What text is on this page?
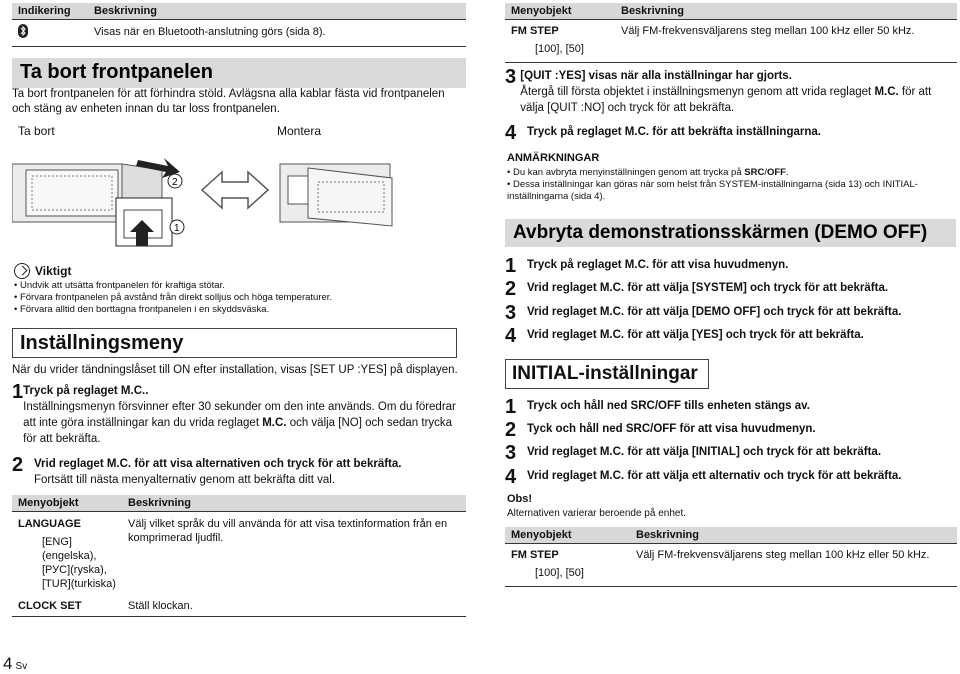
Indikering	Beskrivning
	Visas när en Bluetooth-anslutning görs (sida 8).
Ta bort frontpanelen
Ta bort frontpanelen för att förhindra stöld. Avlägsna alla kablar fästa vid frontpanelen och stäng av enheten innan du tar loss frontpanelen.
Ta bort	Montera
2
1
Viktigt
• Undvik att utsätta frontpanelen för kraftiga stötar.
• Förvara frontpanelen på avstånd från direkt solljus och höga temperaturer.
• Förvara alltid den borttagna frontpanelen i en skyddsväska.
Inställningsmeny
När du vrider tändningslåset till ON efter installation, visas [SET UP :YES] på displayen.
1 Tryck på reglaget M.C..
Inställningsmenyn försvinner efter 30 sekunder om den inte används. Om du föredrar att inte göra inställningar kan du vrida reglaget M.C. och välja [NO] och sedan trycka för att bekräfta.
2 Vrid reglaget M.C. för att visa alternativen och tryck för att bekräfta.
Fortsätt till nästa menyalternativ genom att bekräfta ditt val.
Menyobjekt	Beskrivning

LANGUAGE
[ENG]
(engelska),
[РУС](ryska),
[TUR](turkiska)	Välj vilket språk du vill använda för att visa textinformation från en komprimerad ljudfil.
CLOCK SET	Ställ klockan.
Menyobjekt	Beskrivning

FM STEP
[100], [50]	Välj FM-frekvensväljarens steg mellan 100 kHz eller 50 kHz.
3 [QUIT :YES] visas när alla inställningar har gjorts.
Återgå till första objektet i inställningsmenyn genom att vrida reglaget M.C. för att välja [QUIT :NO] och tryck för att bekräfta.
4 Tryck på reglaget M.C. för att bekräfta inställningarna.
ANMÄRKNINGAR
• Du kan avbryta menyinställningen genom att trycka på SRC/OFF.
• Dessa inställningar kan göras när som helst från SYSTEM-inställningarna (sida 13) och INITIAL-inställningarna (sida 4).
Avbryta demonstrationsskärmen (DEMO OFF)
1 Tryck på reglaget M.C. för att visa huvudmenyn.
2 Vrid reglaget M.C. för att välja [SYSTEM] och tryck för att bekräfta.
3 Vrid reglaget M.C. för att välja [DEMO OFF] och tryck för att bekräfta.
4 Vrid reglaget M.C. för att välja [YES] och tryck för att bekräfta.
INITIAL-inställningar
1 Tryck och håll ned SRC/OFF tills enheten stängs av.
2 Tyck och håll ned SRC/OFF för att visa huvudmenyn.
3 Vrid reglaget M.C. för att välja [INITIAL] och tryck för att bekräfta.
4 Vrid reglaget M.C. för att välja ett alternativ och tryck för att bekräfta.
Obs!
Alternativen varierar beroende på enhet.
Menyobjekt	Beskrivning

FM STEP
[100], [50]	Välj FM-frekvensväljarens steg mellan 100 kHz eller 50 kHz.
4 Sv
